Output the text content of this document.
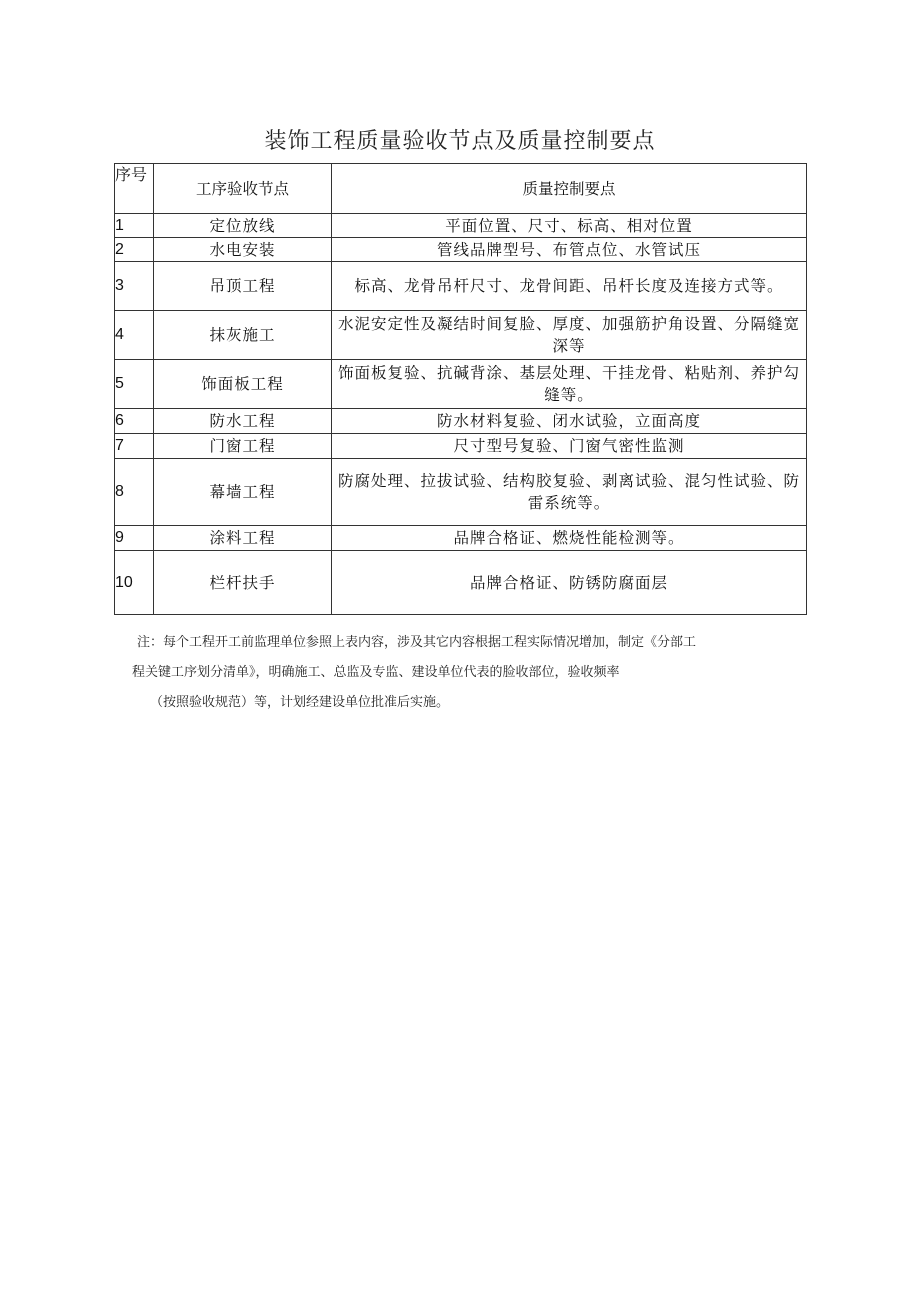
装饰工程质量验收节点及质量控制要点
序号	工序验收节点	质量控制要点
1	定位放线	平面位置、尺寸、标高、相对位置
2	水电安装	管线品牌型号、布管点位、水管试压
3	吊顶工程	标高、龙骨吊杆尺寸、龙骨间距、吊杆长度及连接方式等。
4	抹灰施工	水泥安定性及凝结时间复脸、厚度、加强筋护角设置、分隔缝宽深等
5	饰面板工程	饰面板复验、抗碱背涂、基层处理、干挂龙骨、粘贴剂、养护勾缝等。
6	防水工程	防水材料复验、闭水试验，立面高度
7	门窗工程	尺寸型号复验、门窗气密性监测
8	幕墙工程	防腐处理、拉拔试验、结构胶复验、剥离试验、混匀性试验、防雷系统等。
9	涂料工程	品牌合格证、燃烧性能检测等。
10	栏杆扶手	品牌合格证、防锈防腐面层
注：每个工程开工前监理单位参照上表内容，涉及其它内容根据工程实际情况增加，制定《分部工
程关键工序划分清单》，明确施工、总监及专监、建设单位代表的脸收部位，验收频率
（按照验收规范）等，计划经建设单位批准后实施。
